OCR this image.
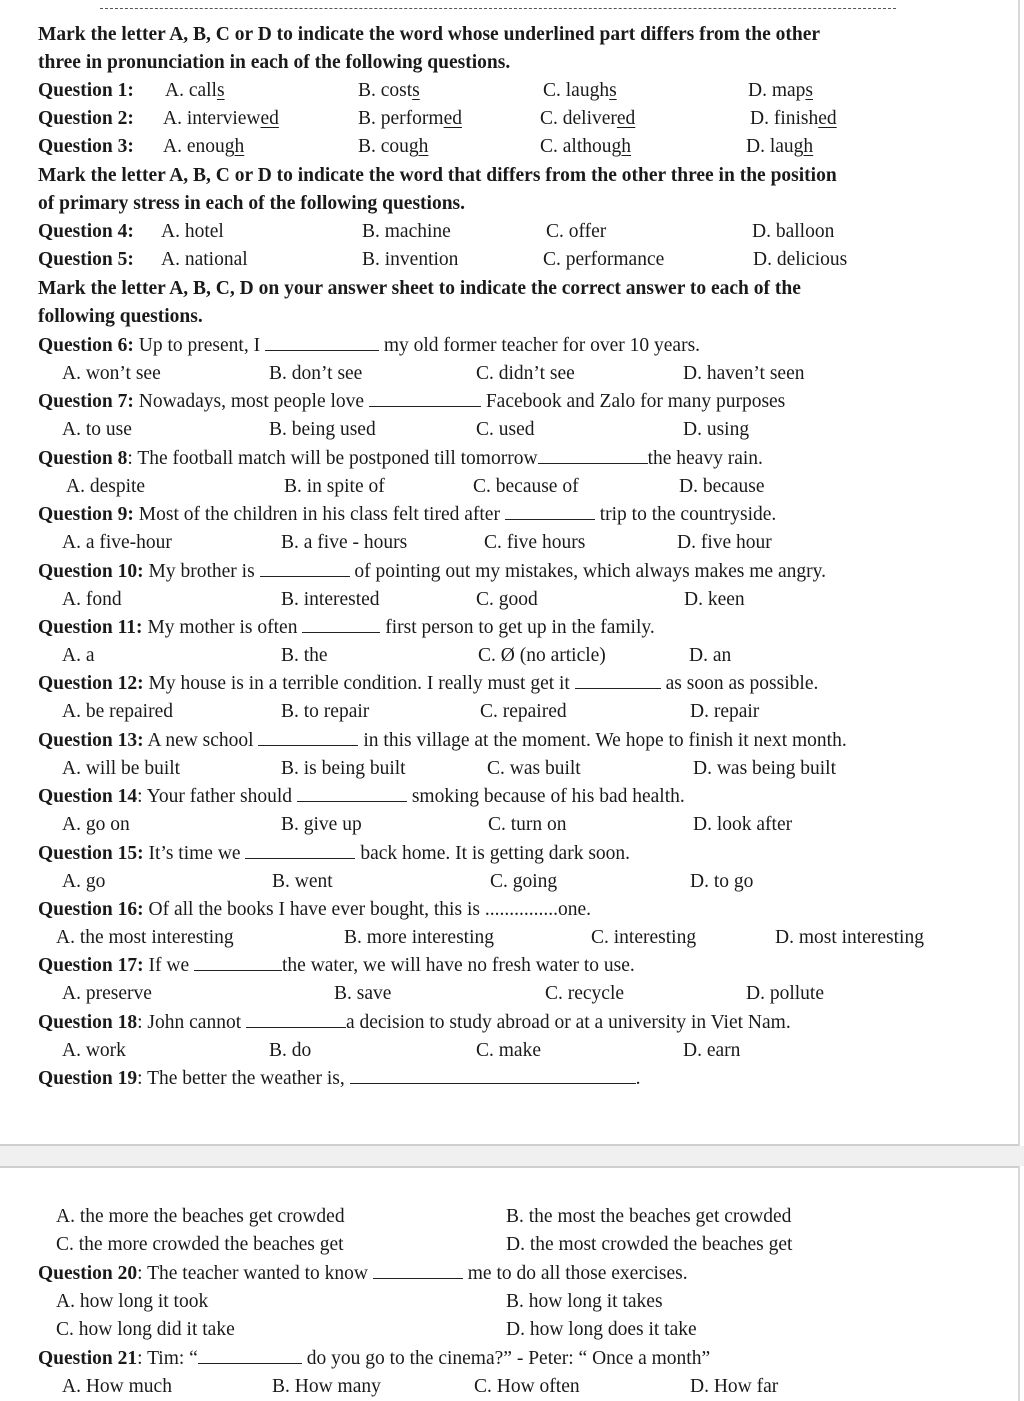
Mark the letter A, B, C or D to indicate the word whose underlined part differs from the other
three in pronunciation in each of the following questions.
Question 1: A. calls	B. costs	C. laughs	D. maps
Question 2: A. interviewed	B. performed	C. delivered	D. finished
Question 3: A. enough	B. cough	C. although	D. laugh
Mark the letter A, B, C or D to indicate the word that differs from the other three in the position
of primary stress in each of the following questions.
Question 4: A. hotel	B. machine	C. offer	D. balloon
Question 5: A. national	B. invention	C. performance	D. delicious
Mark the letter A, B, C, D on your answer sheet to indicate the correct answer to each of the
following questions.
Question 6: Up to present, I	my old former teacher for over 10 years.
A. won’t see	B. don’t see	C. didn’t see	D. haven’t seen
Question 7: Nowadays, most people love	Facebook and Zalo for many purposes
A. to use	B. being used	C. used	D. using
Question 8: The football match will be postponed till tomorrow	the heavy rain.
A. despite	B. in spite of	C. because of	D. because
Question 9: Most of the children in his class felt tired after	trip to the countryside.
A. a five-hour	B. a five - hours	C. five hours	D. five hour
Question 10: My brother is	of pointing out my mistakes, which always makes me angry.
A. fond	B. interested	C. good	D. keen
Question 11: My mother is often	first person to get up in the family.
A. a	B. the	C. Ø (no article)	D. an
Question 12: My house is in a terrible condition. I really must get it	as soon as possible.
A. be repaired	B. to repair	C. repaired	D. repair
Question 13: A new school	in this village at the moment. We hope to finish it next month.
A. will be built	B. is being built	C. was built	D. was being built
Question 14: Your father should	smoking because of his bad health.
A. go on	B. give up	C. turn on	D. look after
Question 15: It’s time we	back home. It is getting dark soon.
A. go	B. went	C. going	D. to go
Question 16: Of all the books I have ever bought, this is ...............one.
A. the most interesting	B. more interesting	C. interesting	D. most interesting
Question 17: If we	the water, we will have no fresh water to use.
A. preserve	B. save	C. recycle	D. pollute
Question 18: John cannot	a decision to study abroad or at a university in Viet Nam.
A. work	B. do	C. make	D. earn
Question 19: The better the weather is,	.
A. the more the beaches get crowded	B. the most the beaches get crowded
C. the more crowded the beaches get	D. the most crowded the beaches get
Question 20: The teacher wanted to know	me to do all those exercises.
A. how long it took	B. how long it takes
C. how long did it take	D. how long does it take
Question 21: Tim: “	do you go to the cinema?” - Peter: “ Once a month”
A. How much	B. How many	C. How often	D. How far
